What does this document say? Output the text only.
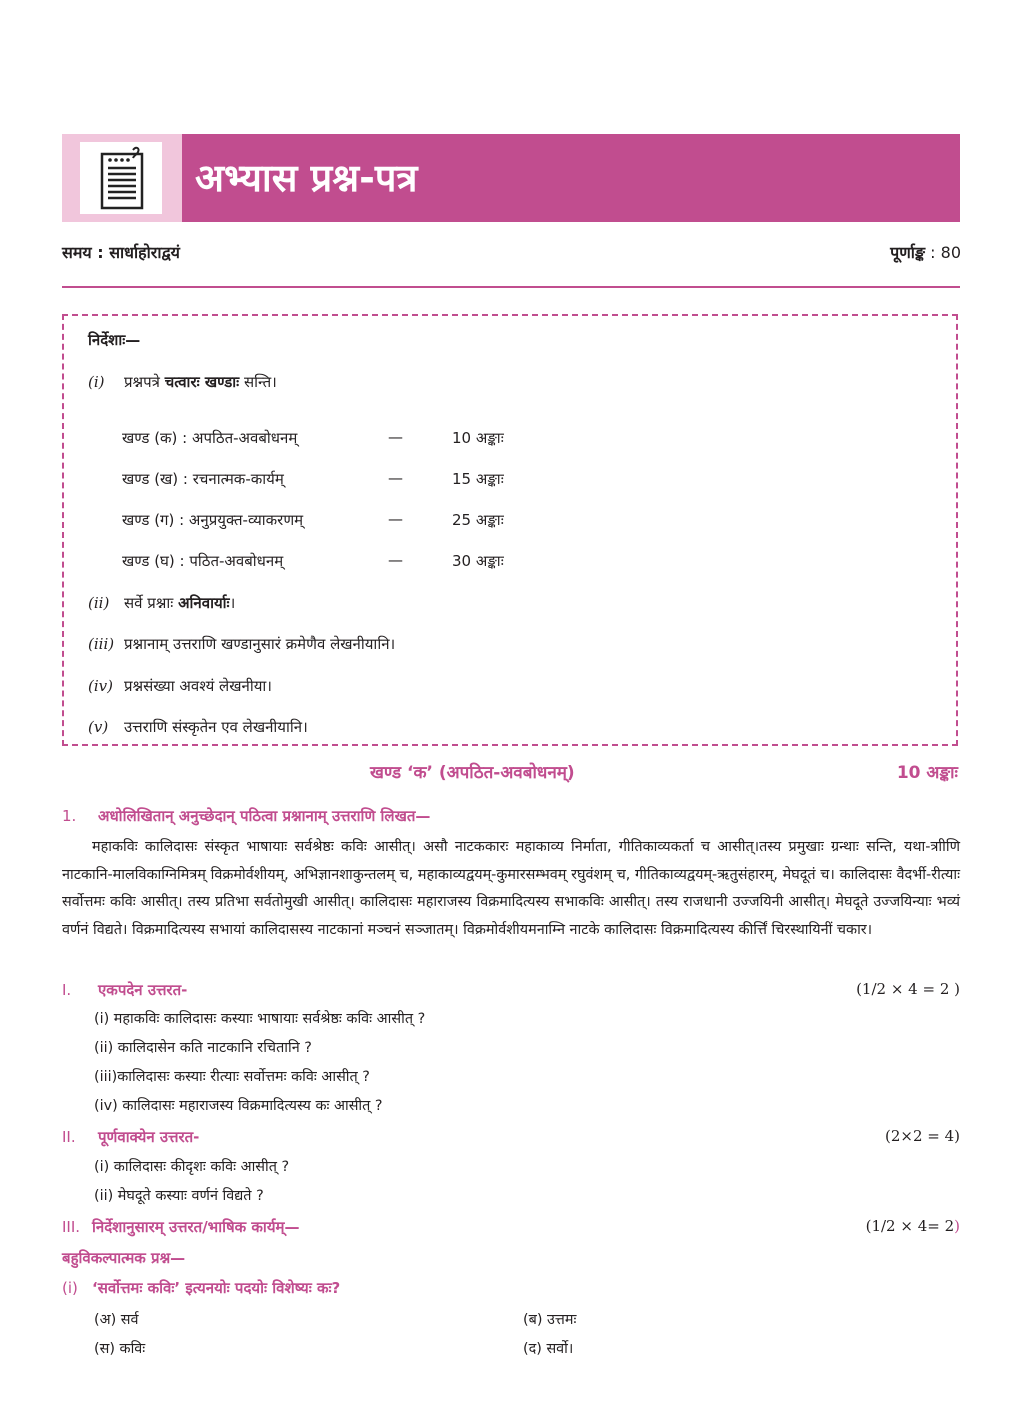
अभ्यास प्रश्न-पत्र
समय : सार्धाहोराद्वयं	पूर्णाङ्क : 80
निर्देशाः—
(i) प्रश्नपत्रे चत्वारः खण्डाः सन्ति।
खण्ड (क) : अपठित-अवबोधनम्	—	10 अङ्काः
खण्ड (ख) : रचनात्मक-कार्यम्	—	15 अङ्काः
खण्ड (ग) : अनुप्रयुक्त-व्याकरणम्	—	25 अङ्काः
खण्ड (घ) : पठित-अवबोधनम्	—	30 अङ्काः
(ii) सर्वे प्रश्नाः अनिवार्याः।
(iii) प्रश्नानाम् उत्तराणि खण्डानुसारं क्रमेणैव लेखनीयानि।
(iv) प्रश्नसंख्या अवश्यं लेखनीया।
(v) उत्तराणि संस्कृतेन एव लेखनीयानि।
खण्ड ‘क’ (अपठित-अवबोधनम्)	10 अङ्काः
1. अधोलिखितान् अनुच्छेदान् पठित्वा प्रश्नानाम् उत्तराणि लिखत—
महाकविः कालिदासः संस्कृत भाषायाः सर्वश्रेष्ठः कविः आसीत्। असौ नाटककारः महाकाव्य निर्माता, गीतिकाव्यकर्ता च आसीत्।तस्य प्रमुखाः ग्रन्थाः सन्ति, यथा-त्राीणि नाटकानि-मालविकाग्निमित्रम् विक्रमोर्वशीयम्, अभिज्ञानशाकुन्तलम् च, महाकाव्यद्वयम्-कुमारसम्भवम् रघुवंशम् च, गीतिकाव्यद्वयम्-ऋतुसंहारम्, मेघदूतं च। कालिदासः वैदर्भी-रीत्याः सर्वोत्तमः कविः आसीत्। तस्य प्रतिभा सर्वतोमुखी आसीत्। कालिदासः महाराजस्य विक्रमादित्यस्य सभाकविः आसीत्। तस्य राजधानी उज्जयिनी आसीत्। मेघदूते उज्जयिन्याः भव्यं वर्णनं विद्यते। विक्रमादित्यस्य सभायां कालिदासस्य नाटकानां मञ्चनं सञ्जातम्। विक्रमोर्वशीयमनाम्नि नाटके कालिदासः विक्रमादित्यस्य कीर्त्तिं चिरस्थायिनीं चकार।
I. एकपदेन उत्तरत-	(1/2 × 4 = 2 )
(i) महाकविः कालिदासः कस्याः भाषायाः सर्वश्रेष्ठः कविः आसीत् ?
(ii) कालिदासेन कति नाटकानि रचितानि ?
(iii)कालिदासः कस्याः रीत्याः सर्वोत्तमः कविः आसीत् ?
(iv) कालिदासः महाराजस्य विक्रमादित्यस्य कः आसीत् ?
II. पूर्णवाक्येन उत्तरत-	(2×2 = 4)
(i) कालिदासः कीदृशः कविः आसीत् ?
(ii) मेघदूते कस्याः वर्णनं विद्यते ?
III. निर्देशानुसारम् उत्तरत/भाषिक कार्यम्—	(1/2 × 4= 2)
बहुविकल्पात्मक प्रश्न—
(i) ‘सर्वोत्तमः कविः’ इत्यनयोः पदयोः विशेष्यः कः?
(अ) सर्व	(ब) उत्तमः
(स) कविः	(द) सर्वो।
